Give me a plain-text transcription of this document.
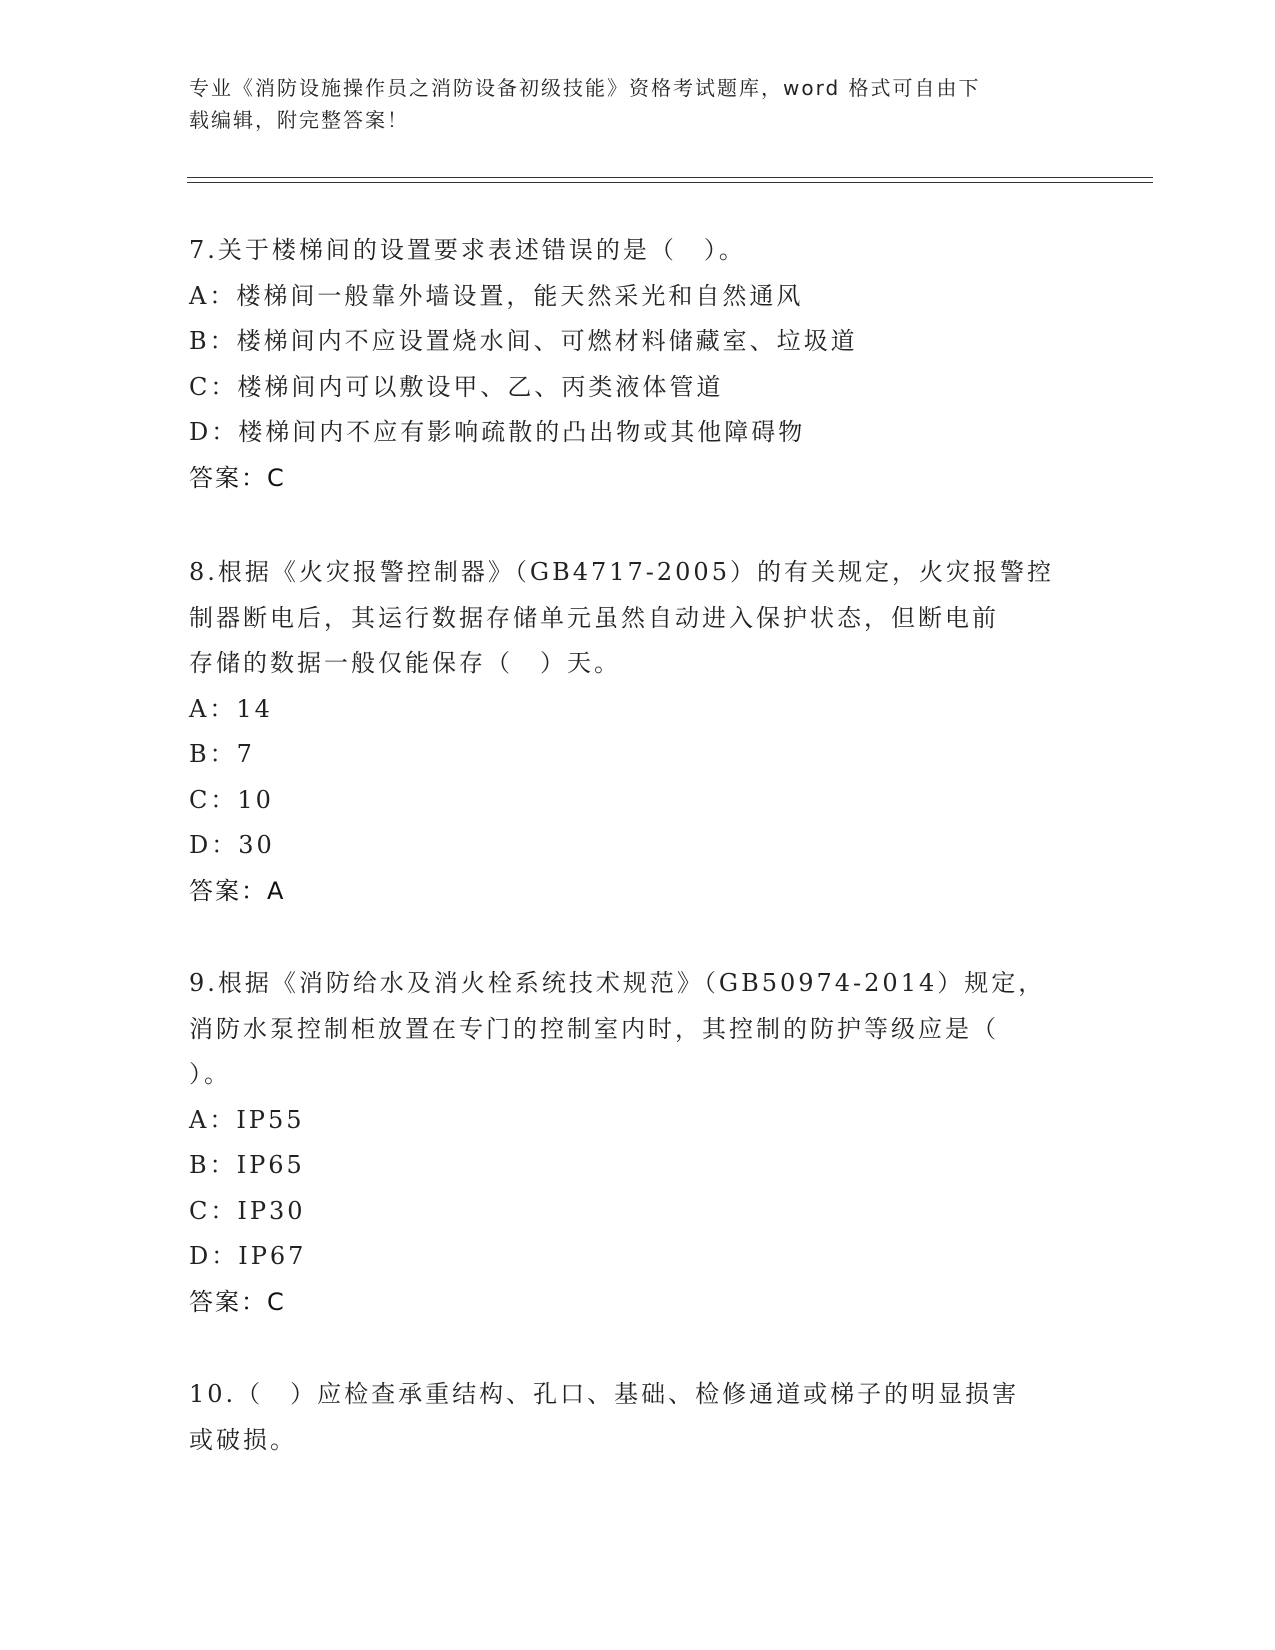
专业《消防设施操作员之消防设备初级技能》资格考试题库，word 格式可自由下
载编辑，附完整答案！
7.关于楼梯间的设置要求表述错误的是（　）。
A：楼梯间一般靠外墙设置，能天然采光和自然通风
B：楼梯间内不应设置烧水间、可燃材料储藏室、垃圾道
C：楼梯间内可以敷设甲、乙、丙类液体管道
D：楼梯间内不应有影响疏散的凸出物或其他障碍物
答案：C
8.根据《火灾报警控制器》（GB4717-2005）的有关规定，火灾报警控
制器断电后，其运行数据存储单元虽然自动进入保护状态，但断电前
存储的数据一般仅能保存（　）天。
A：14
B：7
C：10
D：30
答案：A
9.根据《消防给水及消火栓系统技术规范》（GB50974-2014）规定，
消防水泵控制柜放置在专门的控制室内时，其控制的防护等级应是（
）。
A：IP55
B：IP65
C：IP30
D：IP67
答案：C
10.（　）应检查承重结构、孔口、基础、检修通道或梯子的明显损害
或破损。
